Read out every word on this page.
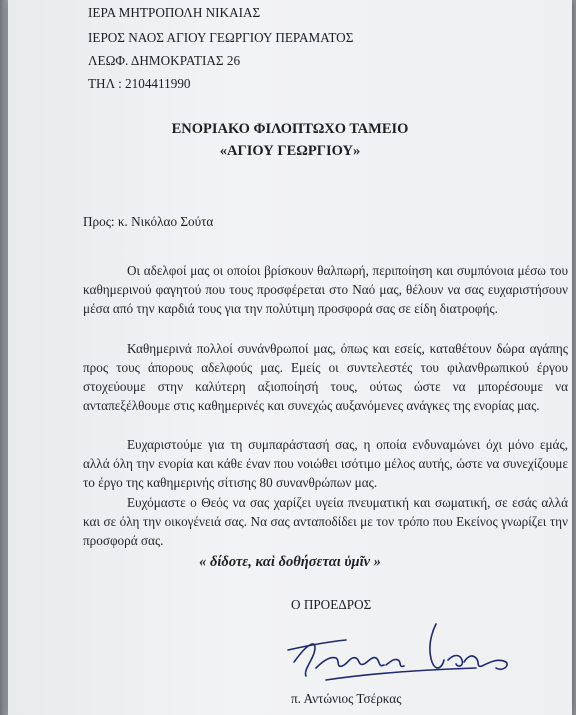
ΙΕΡΑ ΜΗΤΡΟΠΟΛΗ ΝΙΚΑΙΑΣ
ΙΕΡΟΣ ΝΑΟΣ ΑΓΙΟΥ ΓΕΩΡΓΙΟΥ ΠΕΡΑΜΑΤΟΣ
ΛΕΩΦ. ΔΗΜΟΚΡΑΤΙΑΣ 26
ΤΗΛ : 2104411990
ΕΝΟΡΙΑΚΟ ΦΙΛΟΠΤΩΧΟ ΤΑΜΕΙΟ
«ΑΓΙΟΥ ΓΕΩΡΓΙΟΥ»
Προς: κ. Νικόλαο Σούτα
Οι αδελφοί μας οι οποίοι βρίσκουν θαλπωρή, περιποίηση και συμπόνοια μέσω του καθημερινού φαγητού που τους προσφέρεται στο Ναό μας, θέλουν να σας ευχαριστήσουν μέσα από την καρδιά τους για την πολύτιμη προσφορά σας σε είδη διατροφής.
Καθημερινά πολλοί συνάνθρωποί μας, όπως και εσείς, καταθέτουν δώρα αγάπης προς τους άπορους αδελφούς μας. Εμείς οι συντελεστές του φιλανθρωπικού έργου στοχεύουμε στην καλύτερη αξιοποίησή τους, ούτως ώστε να μπορέσουμε να ανταπεξέλθουμε στις καθημερινές και συνεχώς αυξανόμενες ανάγκες της ενορίας μας.
Ευχαριστούμε για τη συμπαράστασή σας, η οποία ενδυναμώνει όχι μόνο εμάς, αλλά όλη την ενορία και κάθε έναν που νοιώθει ισότιμο μέλος αυτής, ώστε να συνεχίζουμε το έργο της καθημερινής σίτισης 80 συνανθρώπων μας.
Ευχόμαστε ο Θεός να σας χαρίζει υγεία πνευματική και σωματική, σε εσάς αλλά και σε όλη την οικογένειά σας. Να σας ανταποδίδει με τον τρόπο που Εκείνος γνωρίζει την προσφορά σας.
« δίδοτε, καὶ δοθήσεται ὑμῖν »
Ο ΠΡΟΕΔΡΟΣ
π. Αντώνιος Τσέρκας
